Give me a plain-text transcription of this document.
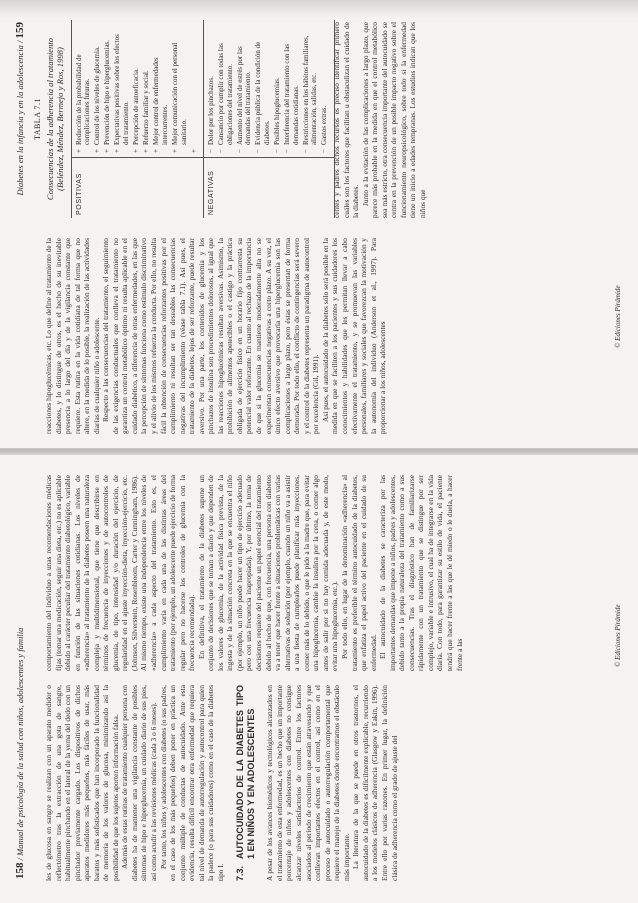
158 / Manual de psicología de la salud con niños, adolescentes y familia	les de glucosa en sangre se realizan con un aparato medidor o reflectómetro tras la extracción de una gota de sangre, habitualmente pinchando en el lateral de la yema del dedo con un pinchador previamente cargado. Los dispositivos de dichos aparatos medidores más pequeños, más fáciles de usar, más baratos y más sofisticados que han incorporado la funcionalidad de memoria de los valores de glucosa, minimizando así la posibilidad de que los sujetos aporten información falsa. Además de estas rutinas de tratamiento cualquier persona con diabetes ha de mantener una vigilancia constante de posibles síntomas de hipo e hiperglucemia, un cuidado diario de sus pies, así como acudir a las revisiones médicas (cada 3 o 6 meses). Por tanto, los niños y adolescentes con diabetes (o sus padres, en el caso de los más pequeños) deben poner en práctica un conjunto múltiple de conductas de autocuidado. Ante esta evidencia, resulta difícil encontrar otra enfermedad que requiera tal nivel de demanda de autorregulación y autocontrol para quien la padece (o para sus cuidadores) como en el caso de la diabetes tipo I. 7.3.
AUTOCUIDADO DE LA DIABETES TIPO 1 EN NIÑOS Y EN ADOLESCENTES A pesar de los avances biomédicos y tecnológicos alcanzados en el tratamiento de esta enfermedad, es un hecho que un importante porcentaje de niños y adolescentes con diabetes no consigue alcanzar niveles satisfactorios de control. Entre los factores asociados al período de crecimiento que están atravesando y que conllevan importantes efectos en el control, así como en el proceso de autocuidado o autorregulación comportamental que requiere el manejo de la diabetes donde encontramos el obstáculo más importante. La literatura de la que se puede en otros trastornos, el autocuidado de la diabetes es difícilmente explicable, recurriendo a los modelos clásicos de adherencia (Glasgow y Eakin, 1996). Entre ello por varias razones. En primer lugar, la definición clásica de adherencia como el grado de ajuste del

comportamiento del individuo a unas recomendaciones médicas fijas (tomar una medicación, seguir una dieta, etc.) no es aplicable debido al carácter peculiar del tratamiento diabetológico, variable en función de las situaciones cotidianas. Los niveles de «adherencia» al tratamiento de la diabetes poseen una naturaleza compleja y multidimensional, que tiene que describirse en términos de frecuencia de inyecciones y de autocontroles de glucemia, de tipo, intensidad y/o duración del ejercicio, de regularidad en el ajuste inyección-dieta, inyección-ejercicio, etc. (Johnson, Silverstein, Rosenbloom, Carter y Cunningham, 1986). Al mismo tiempo, existe una independencia entre los niveles de «adherencia» a cada aspecto del tratamiento. Esto es, el cumplimiento varía en cada una de las distintas áreas del tratamiento (por ejemplo, un adolescente puede ejercicio de forma regular pero no hacerse los controles de glucemia con la frecuencia recomendada). En definitiva, el tratamiento de la diabetes supone un conjunto de decisiones que se toman a diario y que dependen de los valores de glucemia, de la actividad física prevista, de la ingesta y de la situación concreta en la que se encuentra el niño (por ejemplo, un niño puede hacer un tipo de ejercicio adecuado pero con una frecuencia inapropiada). Y, por último, la toma de decisiones requiere del paciente un papel esencial del tratamiento debido al hecho de que, con frecuencia, una persona con diabetes va a tener que hacer frente a situaciones problemáticas con varias alternativas de solución (por ejemplo, cuando un niño va a asistir a una fiesta de cumpleaños puede planificar más inyecciones, comer más de lo debido, o que le pide a la madre que, para evitar una hipoglucemia, cambie la insulina por la cena, o comer algo antes de salir por si no hay comida adecuada y, de este modo, evitar una hipoglucemia, etc.). Por todo ello, en lugar de la denominación «adherencia» al tratamiento es preferible el término autocuidado de la diabetes, que enfatiza el papel activo del paciente en el cuidado de su enfermedad. El autocuidado de la diabetes se caracteriza por las importantes demandas que impone a niños, padres y adolescentes, debido tanto a la propia naturaleza del tratamiento como a sus consecuencias. Tras el diagnóstico han de familiarizarse rápidamente con un tratamiento que se distingue por ser complejo, variable e intrusivo, el cual ha de integrarse en la vida diaria. Con todo, para garantizar su estilo de vida, el paciente tendrá que hacer frente a las que le dé miedo o le duela, a hacer frente a las	© Ediciones Pirámide
Diabetes en la infancia y en la adolescencia / 159

reacciones hipoglucémicas, etc. Lo que define al tratamiento de la diabetes, y lo distingue de otros, es el hecho de su inevitable presencia a lo largo del día y de la vigilancia constante que requiere. Esta rutina en la vida cotidiana de tal forma que no altere, en la medida de lo posible, la realización de las actividades diarias de cualquier niño o adolescente. Respecto a las consecuencias del tratamiento, el seguimiento de las exigencias conductuales que conlleva el tratamiento no garantiza un control metabólico óptimo ni resulta aplicable en el cuidado diabético, a diferencia de otras enfermedades, en las que la percepción de síntomas funciona como estímulo discriminativo y el alivio de los mismos refuerza la conducta. Por ello, no resulta fácil la obtención de consecuencias reforzantes positivas por el cumplimiento ni resultan ser tan deseables las consecuencias negativas del incumplimiento (véase tabla 7.1). Así pues, el tratamiento de la diabetes, lejos de ser reforzante, puede resultar aversivo. Por una parte, los contenidos de glucemia y los pinchazos de insulina son procedimientos dolorosos, al igual que las reacciones hipoglucémicas resultan aversivas. Asimismo, la prohibición de alimentos apetecibles o el castigo y la práctica obligada de ejercicio físico en un horario fijo contrarresta su potencial valor reforzante. En cuanto al rechazo de la importancia de que si la glucemia se mantiene moderadamente alta no se experimentan consecuencias negativas a corto plazo. A su vez, el único efecto aversivo que provocaría una hiperglucemia son las complicaciones a largo plazo, pero éstas se presentan de forma demorada. Por todo ello, el conflicto de contingencias será severo y el control de la diabetes representa un paradigma de autocontrol por excelencia (Gil, 1991). Así pues, el autocuidado de la diabetes sólo será posible en la medida en que se faciliten a los pacientes y sus cuidadores los conocimientos y habilidades que les permitan llevar a cabo efectivamente el tratamiento, y se promuevan las variables personales, familiares y sociales que favorezcan la motivación y la autonomía del individuo (Anderson et al., 1997). Para proporcionar a los niños, adolescentes

TABLA 7.1 Consecuencias de la adherencia al tratamiento (Beléndez, Méndez, Bermejo y Ros, 1998)
POSITIVAS
+Reducción de la probabilidad de complicaciones futuras.
+Control de los niveles de glucemia.
+Prevención de hipo e hiperglucemias.
+Expectativas positivas sobre los efectos del tratamiento.
+Percepción de autoeficacia.
+Refuerzo familiar y social.
+Mejor control de enfermedades intercurrentes.
+Mejor comunicación con el personal sanitario.
+
NEGATIVAS
−Dolor por los pinchazos.
−Cansancio por cumplir con todas las obligaciones del tratamiento.
−Aumento del nivel de estrés por las demandas del tratamiento.
−Evidencia pública de la condición de diabetes.
−Posibles hipoglucemias.
−Interferencia del tratamiento con las demandas cotidianas.
−Restricciones en los hábitos familiares, alimentación, salidas, etc.
−Gastos extras. centes y padres dichos recursos es preciso identificar primero cuáles son los factores que facilitan u obstaculizan el cuidado de la diabetes. Junto a la evitación de las complicaciones a largo plazo, que parece más probable en la medida en que el control metabólico sea más estricto, otra consecuencia importante del autocuidado se centra en la prevención de un posible impacto negativo sobre el funcionamiento neuropsicológico, sobre todo si la enfermedad tiene un inicio a edades tempranas. Los estudios indican que los niños que

© Ediciones Pirámide
